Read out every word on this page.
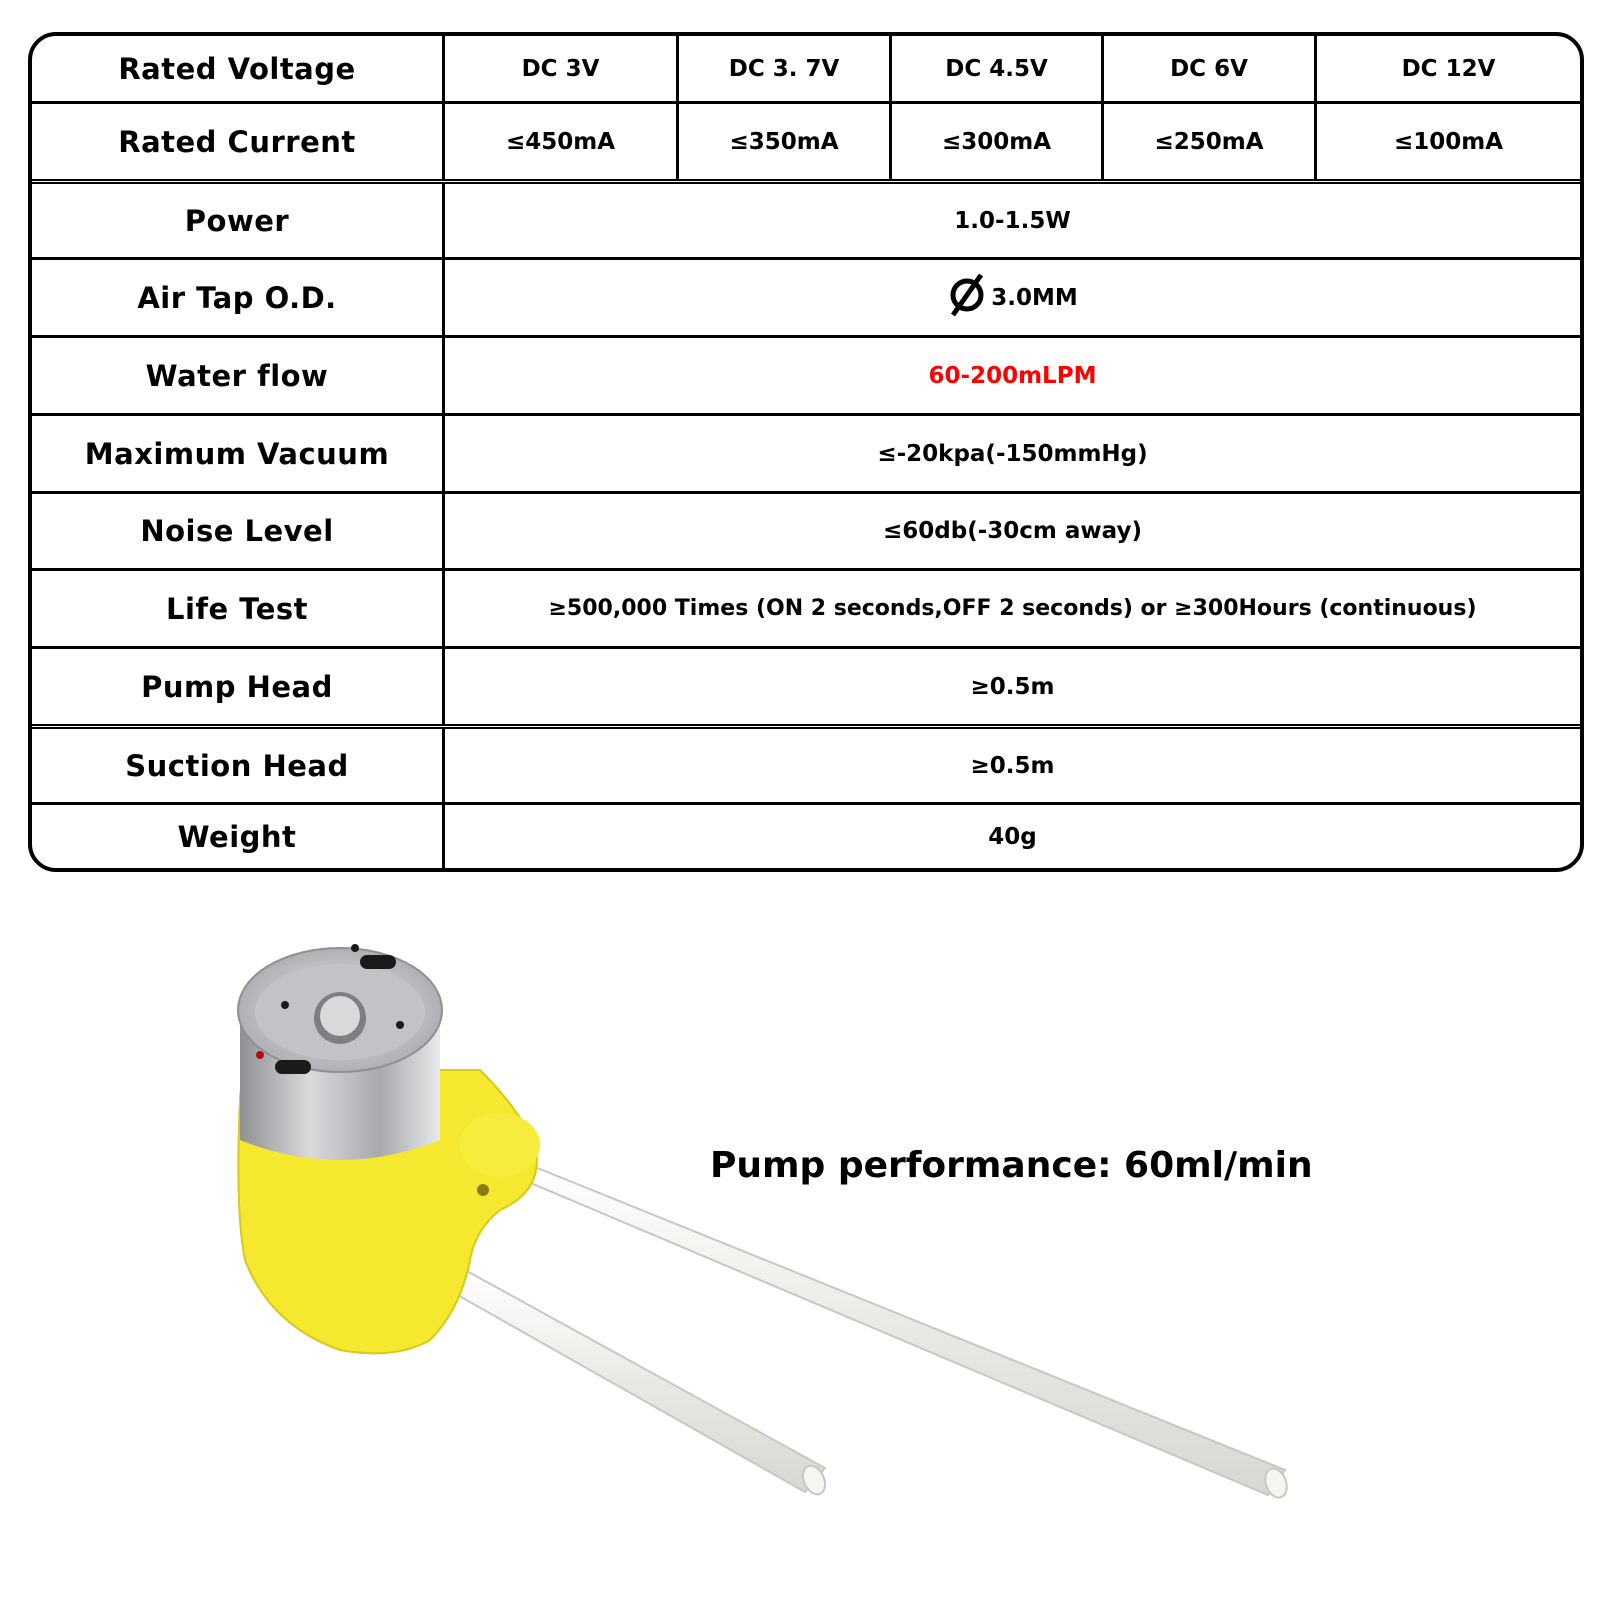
Rated Voltage	DC 3V	DC 3. 7V	DC 4.5V	DC 6V	DC 12V
Rated Current	≤450mA	≤350mA	≤300mA	≤250mA	≤100mA
Power	1.0-1.5W
Air Tap O.D.	3.0MM
Water flow	60-200mLPM
Maximum Vacuum	≤-20kpa(-150mmHg)
Noise Level	≤60db(-30cm away)
Life Test	≥500,000 Times (ON 2 seconds,OFF 2 seconds) or ≥300Hours (continuous)
Pump Head	≥0.5m
Suction Head	≥0.5m
Weight	40g
Pump performance: 60ml/min
